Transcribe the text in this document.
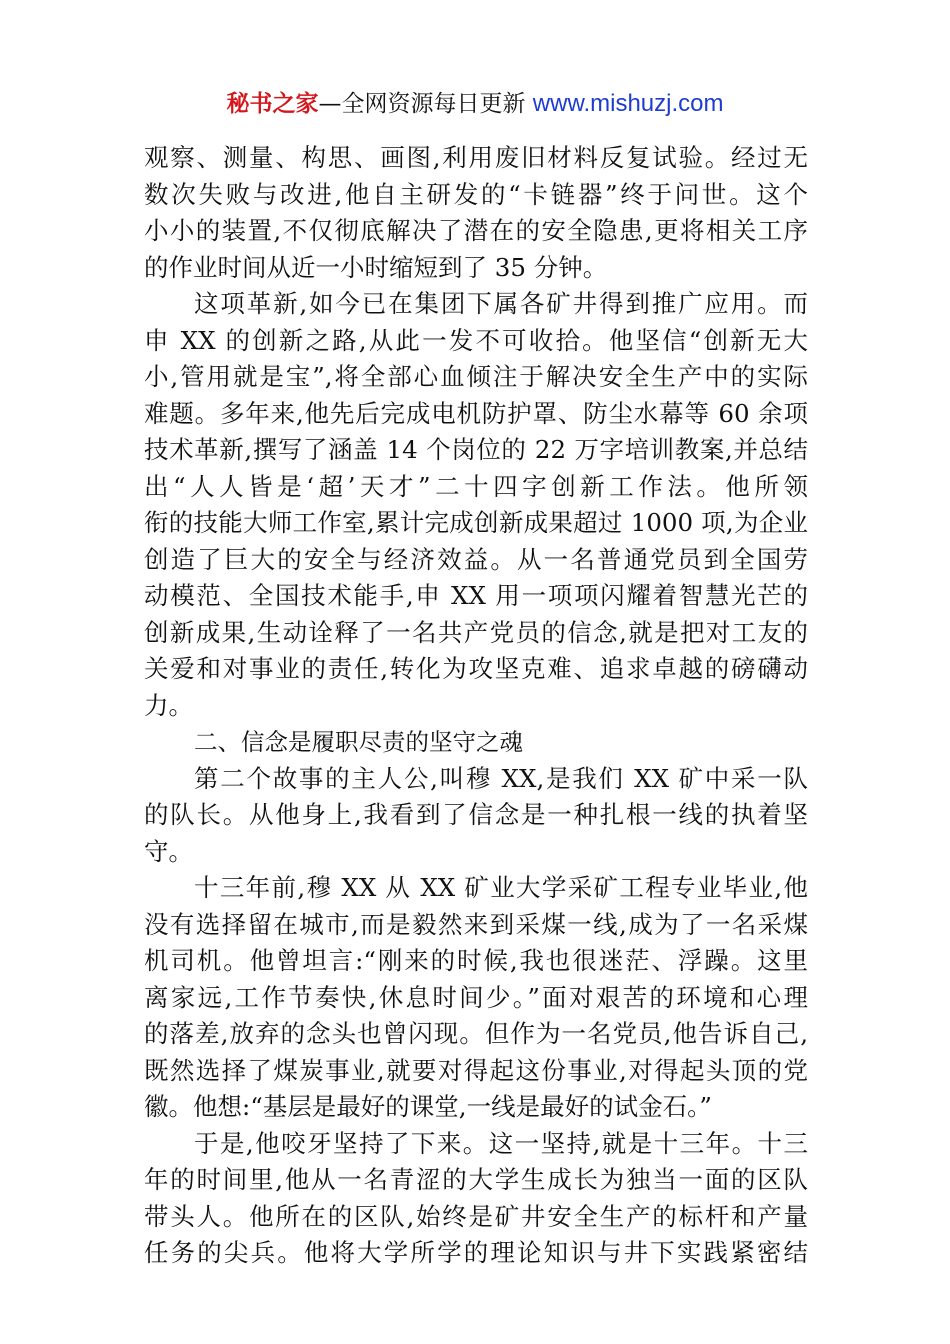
秘书之家—全网资源每日更新 www.mishuzj.com
观察、测量、构思、画图,利用废旧材料反复试验。经过无
数次失败与改进,他自主研发的“卡链器”终于问世。这个
小小的装置,不仅彻底解决了潜在的安全隐患,更将相关工序
的作业时间从近一小时缩短到了 35 分钟。
这项革新,如今已在集团下属各矿井得到推广应用。而
申 XX 的创新之路,从此一发不可收拾。他坚信“创新无大
小,管用就是宝”,将全部心血倾注于解决安全生产中的实际
难题。多年来,他先后完成电机防护罩、防尘水幕等 60 余项
技术革新,撰写了涵盖 14 个岗位的 22 万字培训教案,并总结
出“人人皆是‘超’天才”二十四字创新工作法。他所领
衔的技能大师工作室,累计完成创新成果超过 1000 项,为企业
创造了巨大的安全与经济效益。从一名普通党员到全国劳
动模范、全国技术能手,申 XX 用一项项闪耀着智慧光芒的
创新成果,生动诠释了一名共产党员的信念,就是把对工友的
关爱和对事业的责任,转化为攻坚克难、追求卓越的磅礴动
力。
二、信念是履职尽责的坚守之魂
第二个故事的主人公,叫穆 XX,是我们 XX 矿中采一队
的队长。从他身上,我看到了信念是一种扎根一线的执着坚
守。
十三年前,穆 XX 从 XX 矿业大学采矿工程专业毕业,他
没有选择留在城市,而是毅然来到采煤一线,成为了一名采煤
机司机。他曾坦言:“刚来的时候,我也很迷茫、浮躁。这里
离家远,工作节奏快,休息时间少。”面对艰苦的环境和心理
的落差,放弃的念头也曾闪现。但作为一名党员,他告诉自己,
既然选择了煤炭事业,就要对得起这份事业,对得起头顶的党
徽。他想:“基层是最好的课堂,一线是最好的试金石。”
于是,他咬牙坚持了下来。这一坚持,就是十三年。十三
年的时间里,他从一名青涩的大学生成长为独当一面的区队
带头人。他所在的区队,始终是矿井安全生产的标杆和产量
任务的尖兵。他将大学所学的理论知识与井下实践紧密结
